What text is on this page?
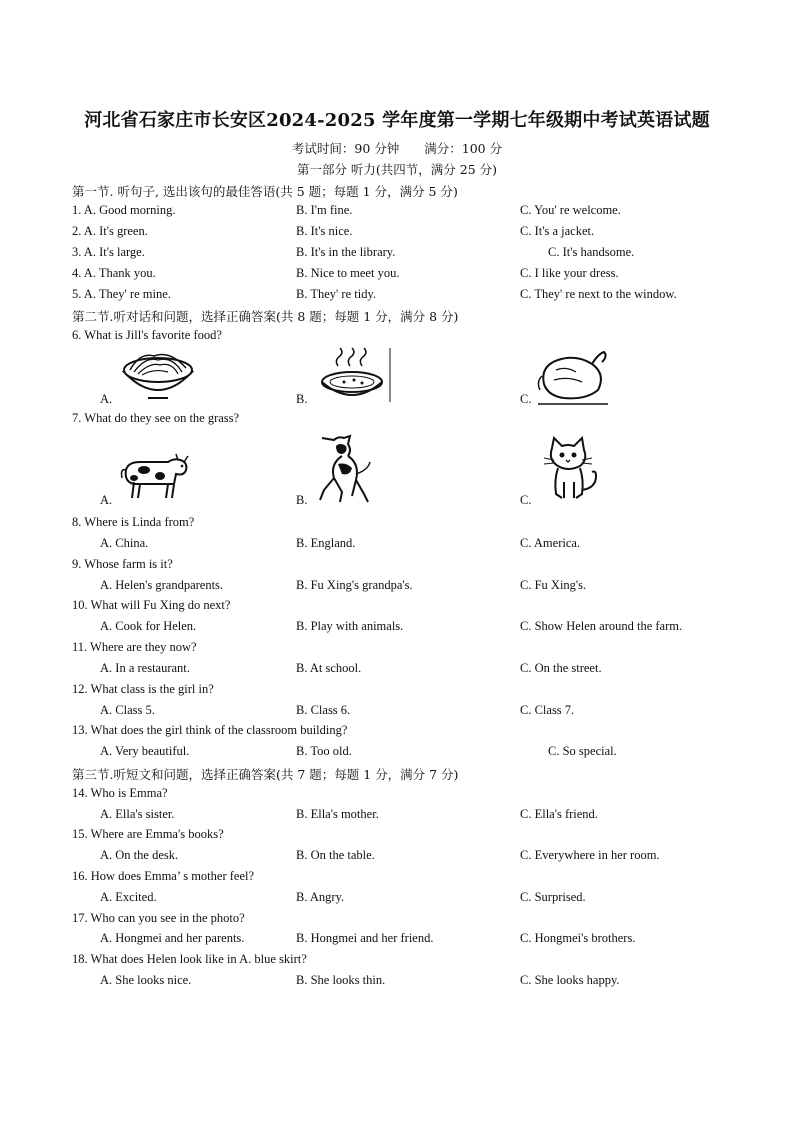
河北省石家庄市长安区2024-2025 学年度第一学期七年级期中考试英语试题
考试时间：90 分钟　　满分：100 分
第一部分 听力(共四节，满分 25 分)
第一节. 听句子, 选出该句的最佳答语(共 5 题；每题 1 分，满分 5 分)
1. A. Good morning.	B. I'm fine.	C. You' re welcome.
2. A. It's green.	B. It's nice.	C. It's a jacket.
3. A. It's large.	B. It's in the library.	C. It's handsome.
4. A. Thank you.	B. Nice to meet you.	C. I like your dress.
5. A. They' re mine.	B. They' re tidy.	C. They' re next to the window.
第二节.听对话和问题，选择正确答案(共 8 题；每题 1 分，满分 8 分)
6. What is Jill's favorite food?
A.	B.	C.
7. What do they see on the grass?
A.	B.	C.
8. Where is Linda from?
A. China.	B. England.	C. America.
9. Whose farm is it?
A. Helen's grandparents.	B. Fu Xing's grandpa's.	C. Fu Xing's.
10. What will Fu Xing do next?
A. Cook for Helen.	B. Play with animals.	C. Show Helen around the farm.
11. Where are they now?
A. In a restaurant.	B. At school.	C. On the street.
12. What class is the girl in?
A. Class 5.	B. Class 6.	C. Class 7.
13. What does the girl think of the classroom building?
A. Very beautiful.	B. Too old.	C. So special.
第三节.听短文和问题，选择正确答案(共 7 题；每题 1 分，满分 7 分)
14. Who is Emma?
A. Ella's sister.	B. Ella's mother.	C. Ella's friend.
15. Where are Emma's books?
A. On the desk.	B. On the table.	C. Everywhere in her room.
16. How does Emma’ s mother feel?
A. Excited.	B. Angry.	C. Surprised.
17. Who can you see in the photo?
A. Hongmei and her parents.	B. Hongmei and her friend.	C. Hongmei's brothers.
18. What does Helen look like in A. blue skirt?
A. She looks nice.	B. She looks thin.	C. She looks happy.
